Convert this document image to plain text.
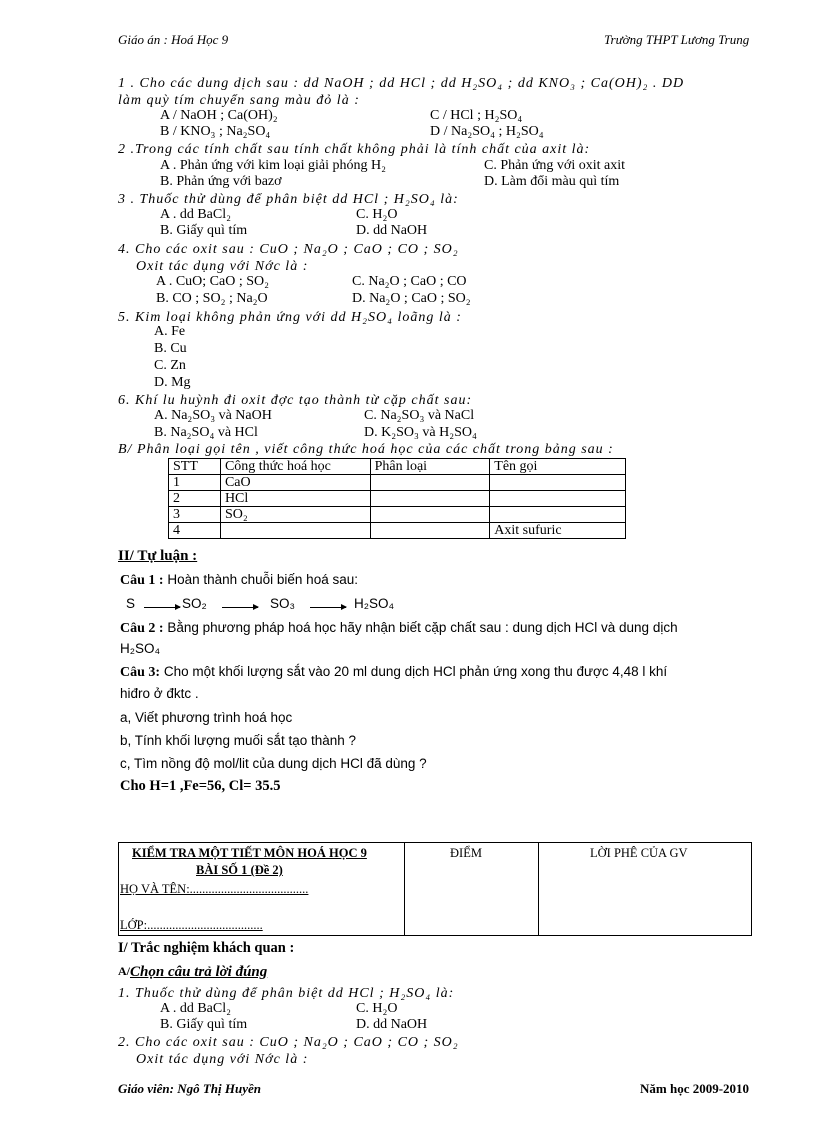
Giáo án : Hoá Học 9	Trường THPT Lương Trung
1 . Cho các dung dịch sau : dd NaOH ; dd HCl ; dd H₂SO₄ ; dd KNO₃ ; Ca(OH)₂ . DD
làm quỳ tím chuyển sang màu đỏ là :
A / NaOH ; Ca(OH)₂	C / HCl ; H₂SO₄
B / KNO₃ ; Na₂SO₄	D / Na₂SO₄ ; H₂SO₄
2 .Trong các tính chất sau tính chất không phải là tính chất của axit là:
A . Phản ứng với kim loại giải phóng H₂	C. Phản ứng với oxit axit
B. Phản ứng với bazơ	D. Làm đổi màu quì tím
3 . Thuốc thử dùng để phân biệt dd HCl ; H₂SO₄ là:
A . dd BaCl₂	C. H₂O
B. Giấy quì tím	D. dd NaOH
4. Cho các oxit sau : CuO ; Na₂O ; CaO ; CO ; SO₂
Oxit tác dụng với Nớc là :
A . CuO; CaO ; SO₂	C. Na₂O ; CaO ; CO
B. CO ; SO₂ ; Na₂O	D. Na₂O ; CaO ; SO₂
5. Kim loại không phản ứng với dd H₂SO₄ loãng là :
A. Fe
B. Cu
C. Zn
D. Mg
6. Khí lu huỳnh đi oxit đợc tạo thành từ cặp chất sau:
A. Na₂SO₃ và NaOH	C. Na₂SO₃ và NaCl
B. Na₂SO₄ và HCl	D. K₂SO₃ và H₂SO₄
B/ Phân loại gọi tên , viết công thức hoá học của các chất trong bảng sau :
STT	Công thức hoá học	Phân loại	Tên gọi
1	CaO		
2	HCl		
3	SO₂		
4			Axit sufuric
II/ Tự luận :
Câu 1 : Hoàn thành chuỗi biến hoá sau:
S	SO₂	SO₃	H₂SO₄
Câu 2 : Bằng phương pháp hoá học hãy nhận biết cặp chất sau : dung dịch HCl và dung dịch
H₂SO₄
Câu 3: Cho một khối lượng sắt vào 20 ml dung dịch HCl phản ứng xong thu được 4,48 l khí
hiđro ở đktc .
a, Viết phương trình hoá học
b, Tính khối lượng muối sắt tạo thành ?
c, Tìm nồng độ mol/lit của dung dịch HCl đã dùng ?
Cho H=1 ,Fe=56, Cl= 35.5
KIỂM TRA MỘT TIẾT MÔN HOÁ HỌC 9
BÀI SỐ 1 (Đề 2)
HỌ VÀ TÊN:......................................
LỚP:.....................................
ĐIỂM	LỜI PHÊ CỦA GV
I/ Trắc nghiệm khách quan :
A/Chọn câu trả lời đúng
1. Thuốc thử dùng để phân biệt dd HCl ; H₂SO₄ là:
A . dd BaCl₂	C. H₂O
B. Giấy quì tím	D. dd NaOH
2. Cho các oxit sau : CuO ; Na₂O ; CaO ; CO ; SO₂
Oxit tác dụng với Nớc là :
Giáo viên: Ngô Thị Huyền	Năm học 2009-2010
